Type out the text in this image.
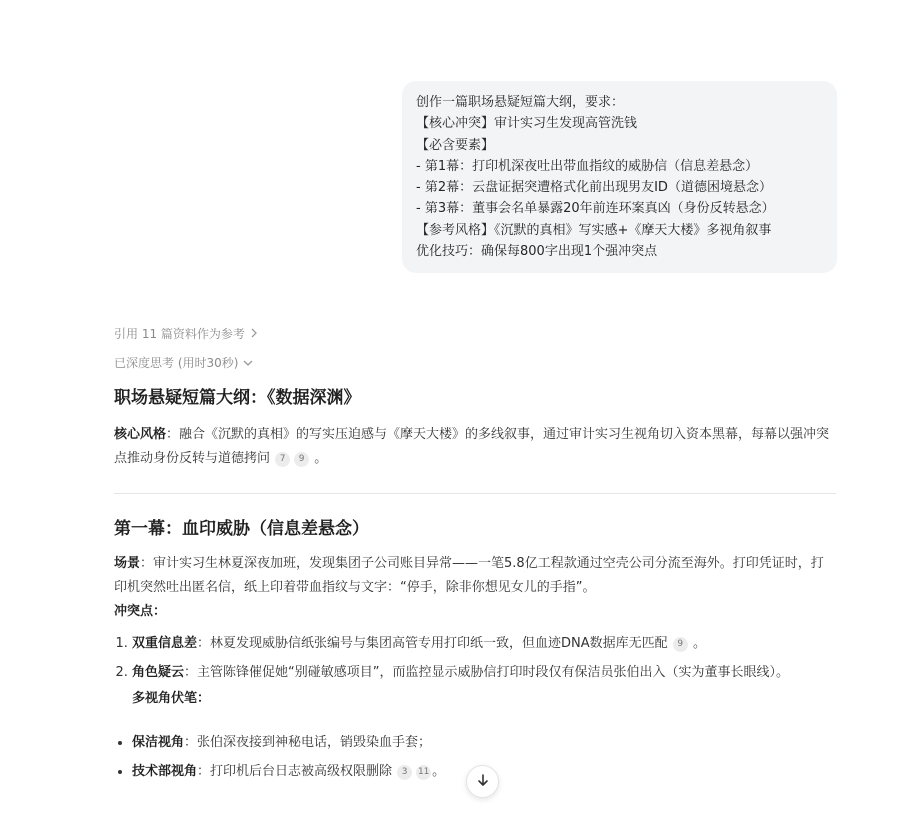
创作一篇职场悬疑短篇大纲，要求：
【核心冲突】审计实习生发现高管洗钱
【必含要素】
- 第1幕：打印机深夜吐出带血指纹的威胁信（信息差悬念）
- 第2幕：云盘证据突遭格式化前出现男友ID（道德困境悬念）
- 第3幕：董事会名单暴露20年前连环案真凶（身份反转悬念）
【参考风格】《沉默的真相》写实感+《摩天大楼》多视角叙事
优化技巧：确保每800字出现1个强冲突点
引用 11 篇资料作为参考
已深度思考 (用时30秒)
职场悬疑短篇大纲：《数据深渊》

核心风格：融合《沉默的真相》的写实压迫感与《摩天大楼》的多线叙事，通过审计实习生视角切入资本黑幕，每幕以强冲突点推动身份反转与道德拷问 7 9 。

第一幕：血印威胁（信息差悬念）

场景：审计实习生林夏深夜加班，发现集团子公司账目异常——一笔5.8亿工程款通过空壳公司分流至海外。打印凭证时，打印机突然吐出匿名信，纸上印着带血指纹与文字：“停手，除非你想见女儿的手指”。

冲突点：
1. 双重信息差：林夏发现威胁信纸张编号与集团高管专用打印纸一致，但血迹DNA数据库无匹配 9 。
2. 角色疑云：主管陈锋催促她“别碰敏感项目”，而监控显示威胁信打印时段仅有保洁员张伯出入（实为董事长眼线）。
多视角伏笔：
• 保洁视角：张伯深夜接到神秘电话，销毁染血手套；
• 技术部视角：打印机后台日志被高级权限删除 3 11 。
